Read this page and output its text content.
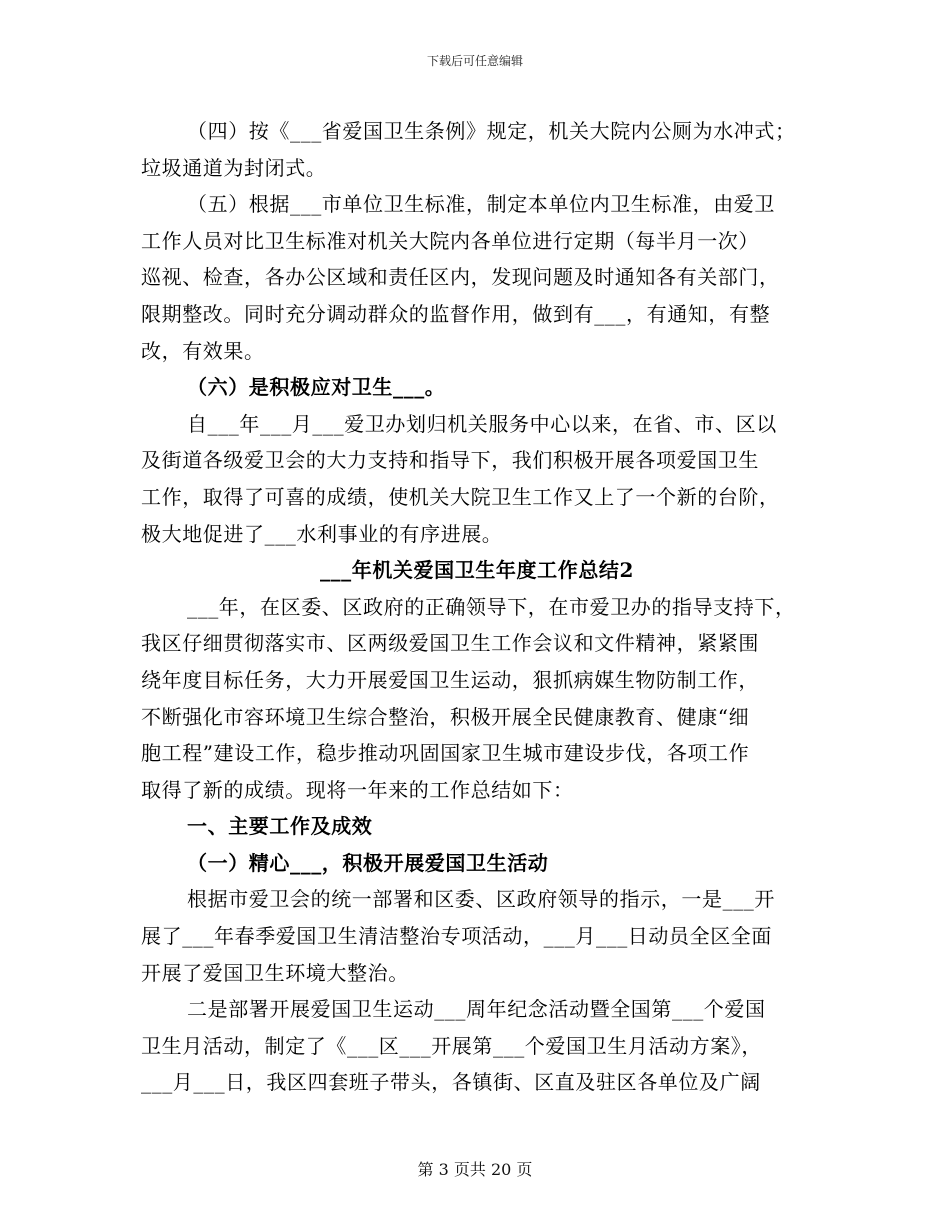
下载后可任意编辑
（四）按《___省爱国卫生条例》规定，机关大院内公厕为水冲式；
垃圾通道为封闭式。
（五）根据___市单位卫生标准，制定本单位内卫生标准，由爱卫
工作人员对比卫生标准对机关大院内各单位进行定期（每半月一次）
巡视、检查，各办公区域和责任区内，发现问题及时通知各有关部门，
限期整改。同时充分调动群众的监督作用，做到有___，有通知，有整
改，有效果。
（六）是积极应对卫生___。
自___年___月___爱卫办划归机关服务中心以来，在省、市、区以
及街道各级爱卫会的大力支持和指导下，我们积极开展各项爱国卫生
工作，取得了可喜的成绩，使机关大院卫生工作又上了一个新的台阶，
极大地促进了___水利事业的有序进展。
___年机关爱国卫生年度工作总结2
___年，在区委、区政府的正确领导下，在市爱卫办的指导支持下，
我区仔细贯彻落实市、区两级爱国卫生工作会议和文件精神，紧紧围
绕年度目标任务，大力开展爱国卫生运动，狠抓病媒生物防制工作，
不断强化市容环境卫生综合整治，积极开展全民健康教育、健康“细
胞工程”建设工作，稳步推动巩固国家卫生城市建设步伐，各项工作
取得了新的成绩。现将一年来的工作总结如下：
一、主要工作及成效
（一）精心___，积极开展爱国卫生活动
根据市爱卫会的统一部署和区委、区政府领导的指示，一是___开
展了___年春季爱国卫生清洁整治专项活动，___月___日动员全区全面
开展了爱国卫生环境大整治。
二是部署开展爱国卫生运动___周年纪念活动暨全国第___个爱国
卫生月活动，制定了《___区___开展第___个爱国卫生月活动方案》，
___月___日，我区四套班子带头，各镇街、区直及驻区各单位及广阔
第 3 页共 20 页
